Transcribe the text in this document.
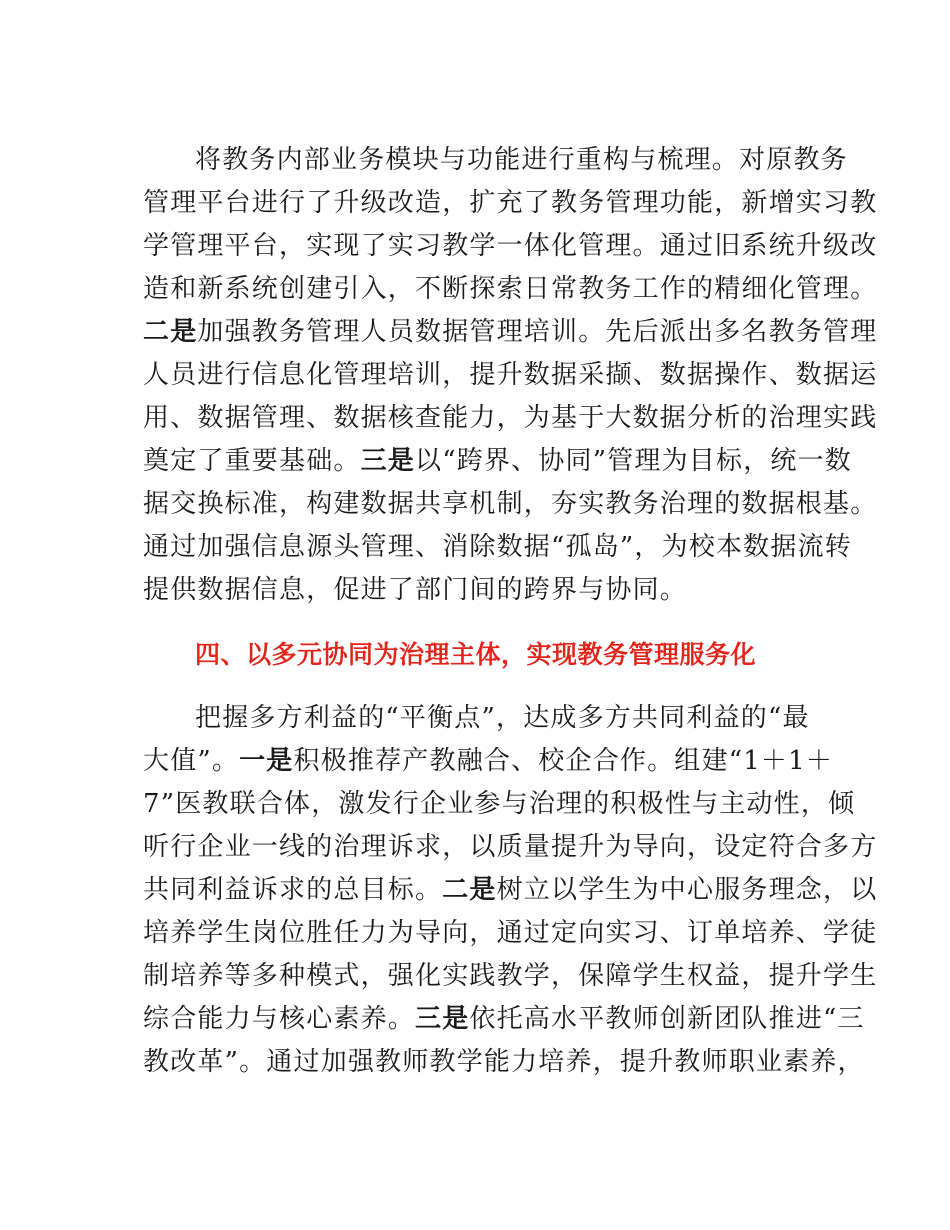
将教务内部业务模块与功能进行重构与梳理。对原教务
管理平台进行了升级改造，扩充了教务管理功能，新增实习教
学管理平台，实现了实习教学一体化管理。通过旧系统升级改
造和新系统创建引入，不断探索日常教务工作的精细化管理。
二是加强教务管理人员数据管理培训。先后派出多名教务管理
人员进行信息化管理培训，提升数据采撷、数据操作、数据运
用、数据管理、数据核查能力，为基于大数据分析的治理实践
奠定了重要基础。三是以“跨界、协同”管理为目标，统一数
据交换标准，构建数据共享机制，夯实教务治理的数据根基。
通过加强信息源头管理、消除数据“孤岛”，为校本数据流转
提供数据信息，促进了部门间的跨界与协同。
四、以多元协同为治理主体，实现教务管理服务化
把握多方利益的“平衡点”，达成多方共同利益的“最
大值”。一是积极推荐产教融合、校企合作。组建“1＋1＋
7”医教联合体，激发行企业参与治理的积极性与主动性，倾
听行企业一线的治理诉求，以质量提升为导向，设定符合多方
共同利益诉求的总目标。二是树立以学生为中心服务理念，以
培养学生岗位胜任力为导向，通过定向实习、订单培养、学徒
制培养等多种模式，强化实践教学，保障学生权益，提升学生
综合能力与核心素养。三是依托高水平教师创新团队推进“三
教改革”。通过加强教师教学能力培养，提升教师职业素养，
